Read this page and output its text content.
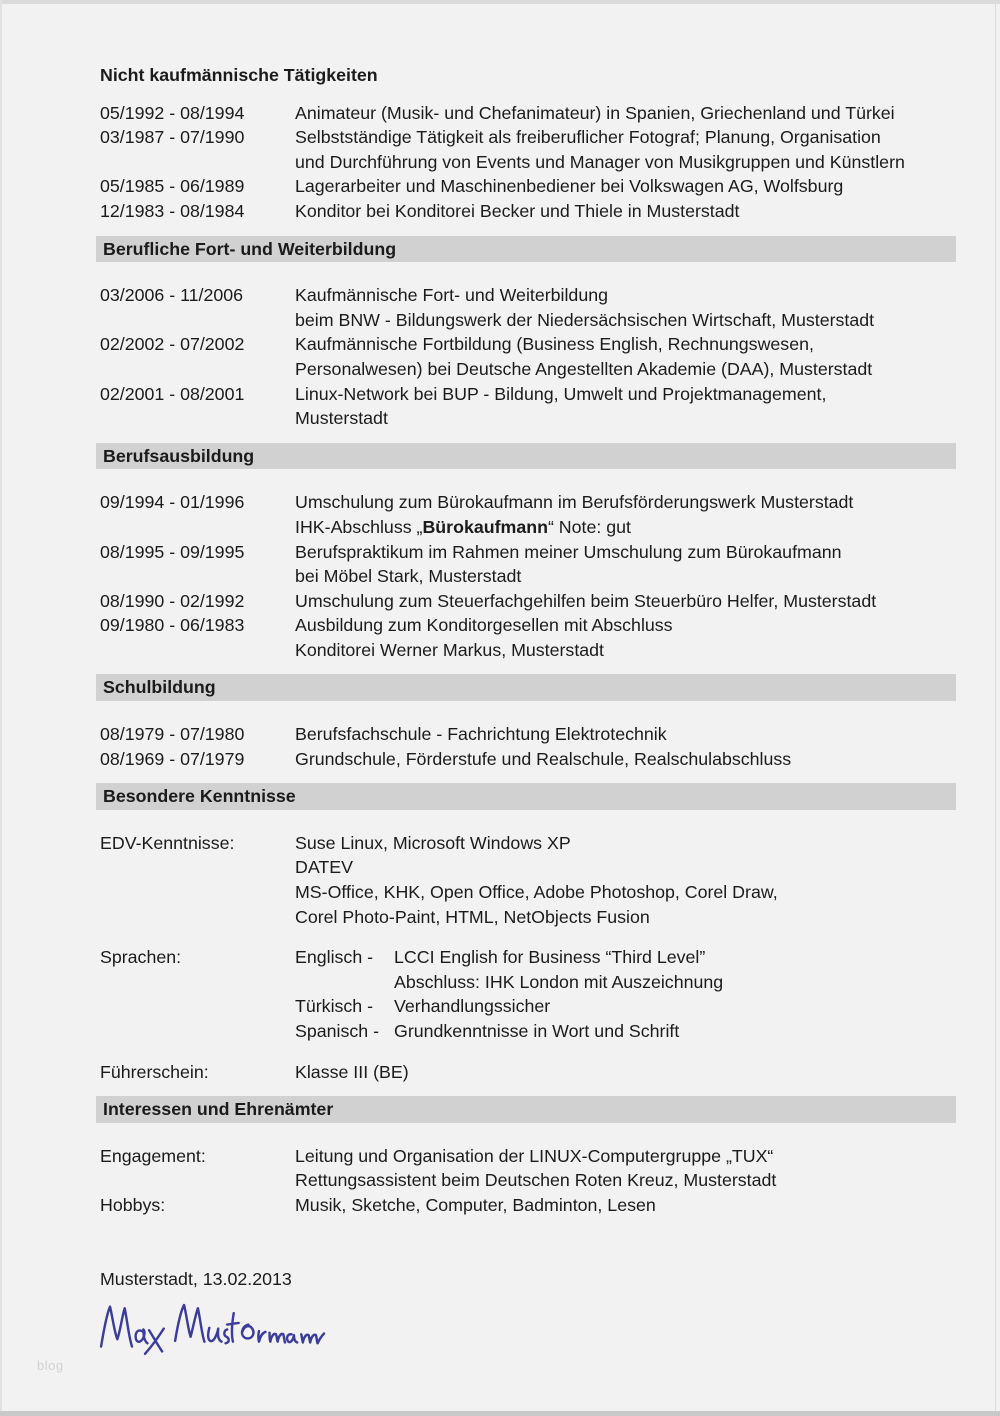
Nicht kaufmännische Tätigkeiten
05/1992 - 08/1994	Animateur (Musik- und Chefanimateur) in Spanien, Griechenland und Türkei
03/1987 - 07/1990	Selbstständige Tätigkeit als freiberuflicher Fotograf; Planung, Organisation
und Durchführung von Events und Manager von Musikgruppen und Künstlern
05/1985 - 06/1989	Lagerarbeiter und Maschinenbediener bei Volkswagen AG, Wolfsburg
12/1983 - 08/1984	Konditor bei Konditorei Becker und Thiele in Musterstadt
Berufliche Fort- und Weiterbildung
03/2006 - 11/2006	Kaufmännische Fort- und Weiterbildung
beim BNW - Bildungswerk der Niedersächsischen Wirtschaft, Musterstadt
02/2002 - 07/2002	Kaufmännische Fortbildung (Business English, Rechnungswesen,
Personalwesen) bei Deutsche Angestellten Akademie (DAA), Musterstadt
02/2001 - 08/2001	Linux-Network bei BUP - Bildung, Umwelt und Projektmanagement,
Musterstadt
Berufsausbildung
09/1994 - 01/1996	Umschulung zum Bürokaufmann im Berufsförderungswerk Musterstadt
IHK-Abschluss „Bürokaufmann“ Note: gut
08/1995 - 09/1995	Berufspraktikum im Rahmen meiner Umschulung zum Bürokaufmann
bei Möbel Stark, Musterstadt
08/1990 - 02/1992	Umschulung zum Steuerfachgehilfen beim Steuerbüro Helfer, Musterstadt
09/1980 - 06/1983	Ausbildung zum Konditorgesellen mit Abschluss
Konditorei Werner Markus, Musterstadt
Schulbildung
08/1979 - 07/1980	Berufsfachschule - Fachrichtung Elektrotechnik
08/1969 - 07/1979	Grundschule, Förderstufe und Realschule, Realschulabschluss
Besondere Kenntnisse
EDV-Kenntnisse:	Suse Linux, Microsoft Windows XP
DATEV
MS-Office, KHK, Open Office, Adobe Photoshop, Corel Draw,
Corel Photo-Paint, HTML, NetObjects Fusion
Sprachen:	Englisch - LCCI English for Business “Third Level”
Abschluss: IHK London mit Auszeichnung
Türkisch - Verhandlungssicher
Spanisch - Grundkenntnisse in Wort und Schrift
Führerschein:	Klasse III (BE)
Interessen und Ehrenämter
Engagement:	Leitung und Organisation der LINUX-Computergruppe „TUX“
Rettungsassistent beim Deutschen Roten Kreuz, Musterstadt
Hobbys:	Musik, Sketche, Computer, Badminton, Lesen
Musterstadt, 13.02.2013
blog
